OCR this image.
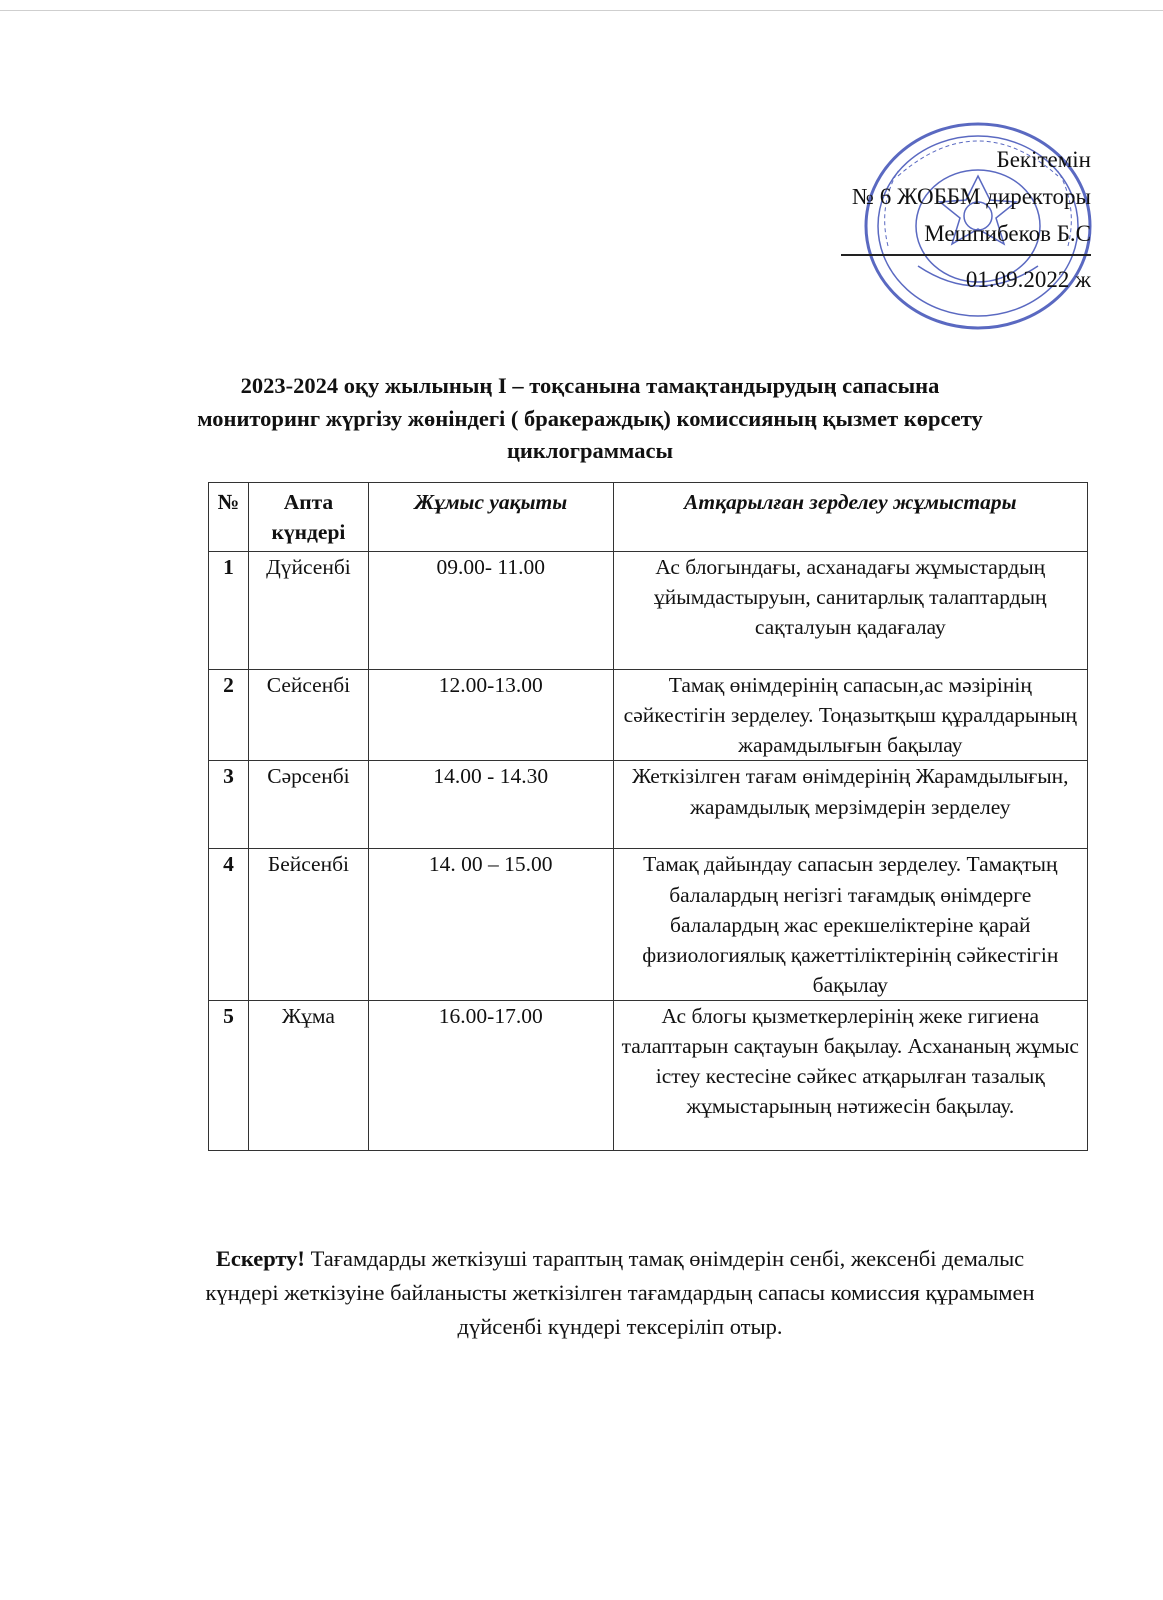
Бекітемін
№ 6 ЖОББМ директоры
Мешпибеков Б.С
01.09.2022 ж
2023-2024 оқу жылының І – тоқсанына тамақтандырудың сапасына мониторинг жүргізу жөніндегі ( бракераждық) комиссияның қызмет көрсету циклограммасы
№	Апта күндері	Жұмыс уақыты	Атқарылған зерделеу жұмыстары
1	Дүйсенбі	09.00- 11.00	Ас блогындағы, асханадағы жұмыстардың ұйымдастыруын, санитарлық талаптардың сақталуын қадағалау
2	Сейсенбі	12.00-13.00	Тамақ өнімдерінің сапасын,ас мәзірінің сәйкестігін зерделеу. Тоңазытқыш құралдарының жарамдылығын бақылау
3	Сәрсенбі	14.00 - 14.30	Жеткізілген тағам өнімдерінің Жарамдылығын, жарамдылық мерзімдерін зерделеу
4	Бейсенбі	14. 00 – 15.00	Тамақ дайындау сапасын зерделеу. Тамақтың балалардың негізгі тағамдық өнімдерге балалардың жас ерекшеліктеріне қарай физиологиялық қажеттіліктерінің сәйкестігін бақылау
5	Жұма	16.00-17.00	Ас блогы қызметкерлерінің жеке гигиена талаптарын сақтауын бақылау. Асхананың жұмыс істеу кестесіне сәйкес атқарылған тазалық жұмыстарының нәтижесін бақылау.
Ескерту! Тағамдарды жеткізуші тараптың тамақ өнімдерін сенбі, жексенбі демалыс күндері жеткізуіне байланысты жеткізілген тағамдардың сапасы комиссия құрамымен дүйсенбі күндері тексеріліп отыр.
